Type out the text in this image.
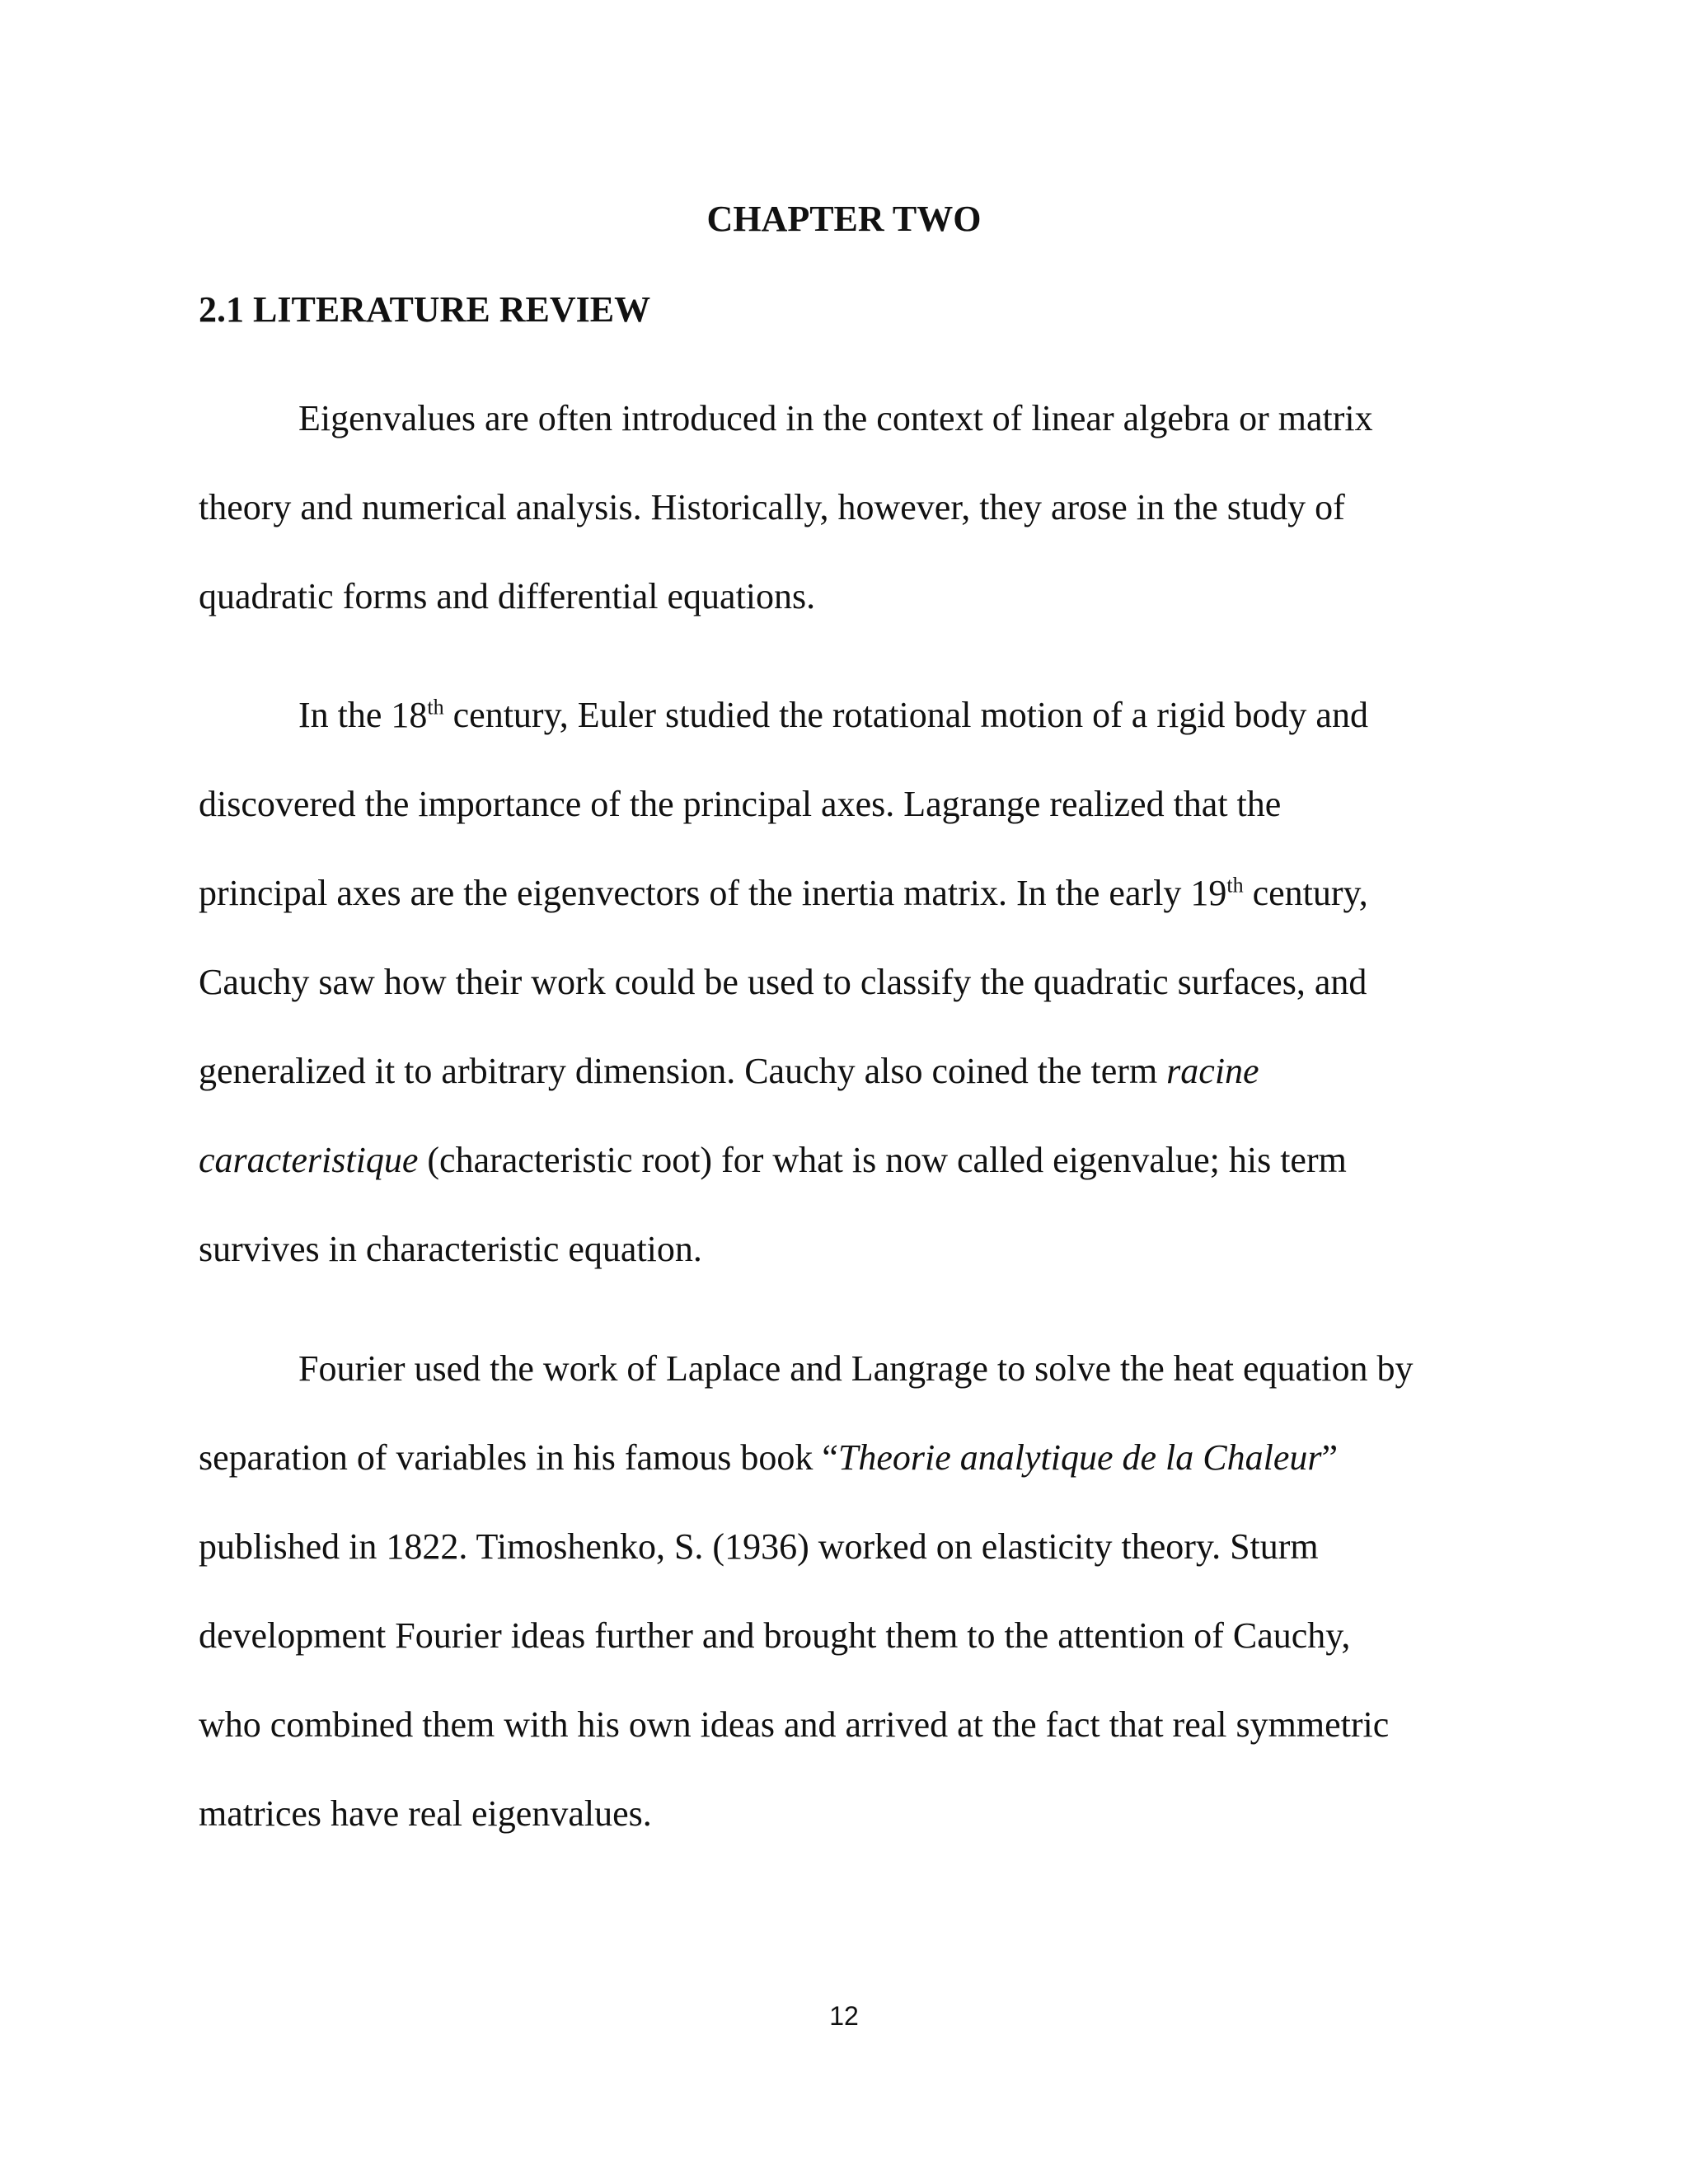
CHAPTER TWO
2.1 LITERATURE REVIEW

Eigenvalues are often introduced in the context of linear algebra or matrix
theory and numerical analysis. Historically, however, they arose in the study of
quadratic forms and differential equations.

In the 18th century, Euler studied the rotational motion of a rigid body and
discovered the importance of the principal axes. Lagrange realized that the
principal axes are the eigenvectors of the inertia matrix. In the early 19th century,
Cauchy saw how their work could be used to classify the quadratic surfaces, and
generalized it to arbitrary dimension. Cauchy also coined the term racine
caracteristique (characteristic root) for what is now called eigenvalue; his term
survives in characteristic equation.

Fourier used the work of Laplace and Langrage to solve the heat equation by
separation of variables in his famous book “Theorie analytique de la Chaleur”
published in 1822. Timoshenko, S. (1936) worked on elasticity theory. Sturm
development Fourier ideas further and brought them to the attention of Cauchy,
who combined them with his own ideas and arrived at the fact that real symmetric
matrices have real eigenvalues.

12
